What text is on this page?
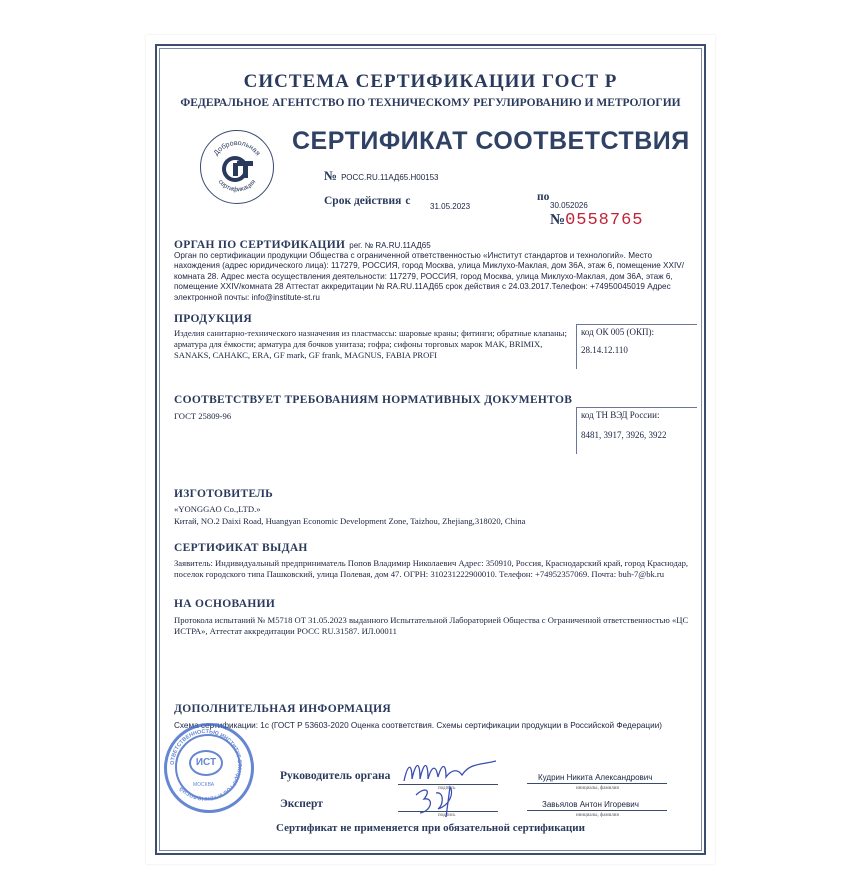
СИСТЕМА СЕРТИФИКАЦИИ ГОСТ Р
ФЕДЕРАЛЬНОЕ АГЕНТСТВО ПО ТЕХНИЧЕСКОМУ РЕГУЛИРОВАНИЮ И МЕТРОЛОГИИ
Добровольная
сертификация
СЕРТИФИКАТ СООТВЕТСТВИЯ
№ РОСС.RU.11АД65.Н00153
Срок действия с 31.05.2023
по
30.052026
№0558765
ОРГАН ПО СЕРТИФИКАЦИИ рег. № RA.RU.11АД65
Орган по сертификации продукции Общества с ограниченной ответственностью «Институт стандартов и технологий». Место нахождения (адрес юридического лица): 117279, РОССИЯ, город Москва, улица Миклухо-Маклая, дом 36А, этаж 6, помещение XXIV/комната 28. Адрес места осуществления деятельности: 117279, РОССИЯ, город Москва, улица Миклухо-Маклая, дом 36А, этаж 6, помещение XXIV/комната 28 Аттестат аккредитации № RA.RU.11АД65 срок действия с 24.03.2017.Телефон: +74950045019 Адрес электронной почты: info@institute-st.ru
ПРОДУКЦИЯ
Изделия санитарно-технического назначения из пластмассы: шаровые краны; фитинги; обратные клапаны; арматура для ёмкости; арматура для бочков унитаза; гофра; сифоны торговых марок MAK, BRIMIX, SANAKS, САНАКС, ERA, GF mark, GF frank, MAGNUS, FABIA PROFI
код ОК 005 (ОКП):
28.14.12.110
СООТВЕТСТВУЕТ ТРЕБОВАНИЯМ НОРМАТИВНЫХ ДОКУМЕНТОВ
ГОСТ 25809-96	код ТН ВЭД России:
8481, 3917, 3926, 3922
ИЗГОТОВИТЕЛЬ
«YONGGAO Co.,LTD.»
Китай, NO.2 Daixi Road, Huangyan Economic Development Zone, Taizhou, Zhejiang,318020, China
СЕРТИФИКАТ ВЫДАН
Заявитель: Индивидуальный предприниматель Попов Владимир Николаевич Адрес: 350910, Россия, Краснодарский край, город Краснодар, поселок городского типа Пашковский, улица Полевая, дом 47. ОГРН: 310231222900010. Телефон: +74952357069. Почта: buh-7@bk.ru
НА ОСНОВАНИИ
Протокола испытаний № М5718 ОТ 31.05.2023 выданного Испытательной Лабораторией Общества с Ограниченной ответственностью «ЦС ИСТРА», Аттестат аккредитации РОСС RU.31587. ИЛ.00011
ДОПОЛНИТЕЛЬНАЯ ИНФОРМАЦИЯ
Схема сертификации: 1с (ГОСТ Р 53603-2020 Оценка соответствия. Схемы сертификации продукции в Российской Федерации)
ОТВЕТСТВЕННОСТЬЮ ИНСТИТУТ СТАНДАРТОВ И ТЕХНОЛОГИЙ
ИСТ
МОСКВА
Руководитель органа
подпись
Кудрин Никита Александрович
инициалы, фамилия
Эксперт
подпись
Завьялов Антон Игоревич
инициалы, фамилия
Сертификат не применяется при обязательной сертификации
